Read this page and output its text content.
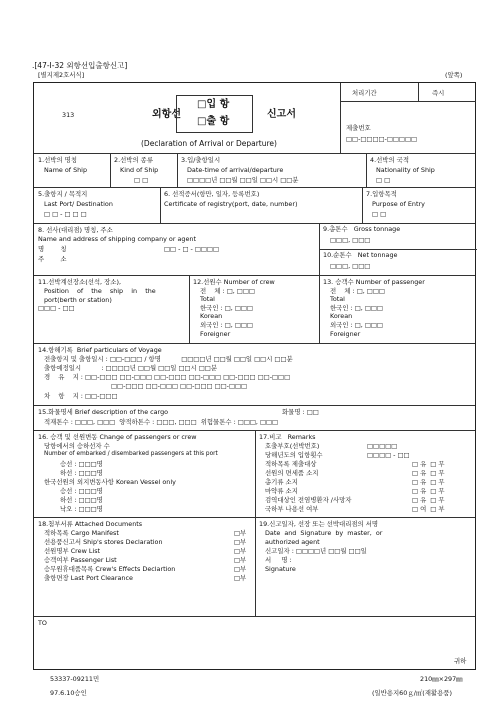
.[47-Ⅰ-32 외항선입출항신고]
[별지제2호서식]	(앞쪽)
313	외항선
□입 항
□출 항
신고서
(Declaration of Arrival or Departure)
처리기간	즉시
제출번호
□□-□□□□-□□□□□
1.선박의 명칭
Name of Ship
2.선박의 종류
Kind of Ship
□ □
3.입/출항일시
Date-time of arrival/departure
□□□□년 □□월 □□일 □□시 □□분
4.선박의 국적
Nationality of Ship
□ □
5.출항지 / 목적지
Last Port/ Destination
□ □ - □ □ □
6. 선적증서(항만, 일자, 등록번호)
Certificate of registry(port, date, number)
7.입항목적
Purpose of Entry
□ □
8. 선사(대리점) 명칭, 주소
Name and address of shipping company or agent
명        칭	□□ - □ - □□□□
주        소
9.총톤수   Gross tonnage
□□□, □□□
10.순톤수   Net tonnage
□□□, □□□
11.선박계선장소(선석, 장소),
Position    of    the    ship    in    the
port(berth or station)
□□□ - □□
12.선원수 Number of crew
전    체 : □, □□□
Total
한국인 : □, □□□
Korean
외국인 : □, □□□
Foreigner
13. 승객수 Number of passenger
전    체 : □, □□□
Total
한국인 : □, □□□
Korean
외국인 : □, □□□
Foreigner
14.항해기록  Brief particulars of Voyage
전출항지 및 출항일시 : □□-□□□ / 항명          □□□□년 □□월 □□일 □□시 □□분
출항예정일시          : □□□□년 □□월 □□일 □□시 □□분
경    유    지 : □□-□□□ □□-□□□ □□-□□□ □□-□□□ □□-□□□ □□-□□□
□□-□□□ □□-□□□ □□-□□□ □□-□□□
차    항    지 : □□-□□□
15.화물명세 Brief description of the cargo	화물명 : □□
적재톤수 : □□□, □□□  양적하톤수 : □□□, □□□  위험물톤수 : □□□, □□□
16. 승객 및 선원변동 Change of passengers or crew
당항에서의 승하선자 수
Number of embarked / disembarked passengers at this port
승선 : □□□명
하선 : □□□명
한국선원의 외지변동사항 Korean Vessel only
승선 : □□□명
하선 : □□□명
낙오 : □□□명
17.비고   Remarks
18.첨부서류 Attached Documents	19.신고일자, 선장 또는 선박대리점의 서명
Date  and  Signature  by  master,  or
authorized agent
신고일자 : □□□□년 □□월 □□일
서     명 :
Signature
TO
귀하
호출부호(선박번호)	□□□□□
당해년도의 입항횟수	□□□□ - □□
적하목록 제출대상	□ 유  □ 무
선원의 면세품 소지	□ 유  □ 무
총기류 소지	□ 유  □ 무
마약류 소지	□ 유  □ 무
검역대상인 전염병환자 /사망자	□ 유  □ 무
국하부 나용선 여부	□ 여  □ 부
적하목록 Cargo Manifest	□부
선용품신고서 Ship's stores Declaration	□부
선원명부 Crew List	□부
승객여부 Passenger List	□부
승무원휴대품목록 Crew's Effects Declartion	□부
출항면장 Last Port Clearance	□부
53337-09211민
97.6.10승인
210㎜×297㎜
(일반용지60ｇ/㎡(재활용품)
